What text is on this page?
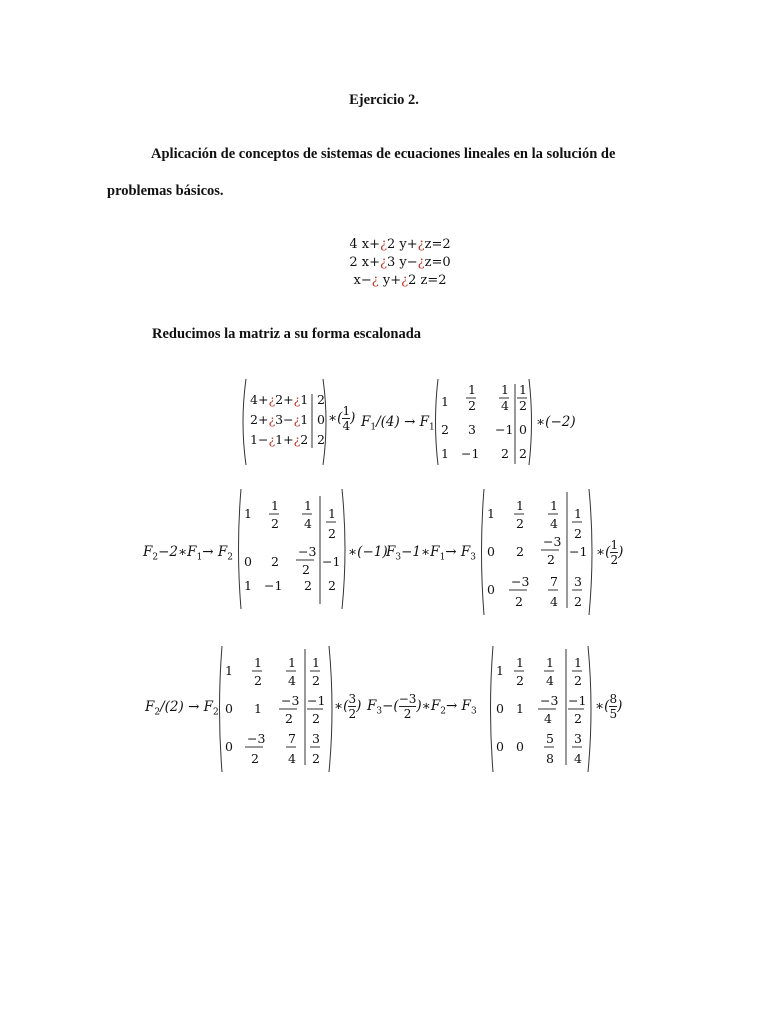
Ejercicio 2.
Aplicación de conceptos de sistemas de ecuaciones lineales en la solución de
problemas básicos.
4 x+¿2 y+¿z=2
2 x+¿3 y−¿z=0
x−¿ y+¿2 z=2
Reducimos la matriz a su forma escalonada
4+¿2+¿1
2+¿3−¿1
1−¿1+¿2
2
0
2
∗(1

4 ) $F_1/(4) \to F_1$
1
1
2
1
4
1
2
2 3 −1 0
1 −1 2 2
∗(−2)
$F_2-2∗F_1\to F_2$
1
1
2
1
4
1
2
0 2
−3
2
−1
1 −1 2 2
∗(−1)
$F_3-1∗F_1\to F_3$
1
1
2
1
4
1
2
0 2
−3
2
−1
0
−3
2
7
4
3
2
∗(1

2 )
$F_2/(2) \to F_2$
1
1
2
1
4
1
2
0 1
−3
2
−1
2
0
−3
2
7
4
3
2
∗(3

2 ) $F_3-(-3$

2 )$∗F_2\to F_3$
1
1
2
1
4
1
2
0 1
−3
4
−1
2
0 0
5
8
3
4
∗(8

5 )
